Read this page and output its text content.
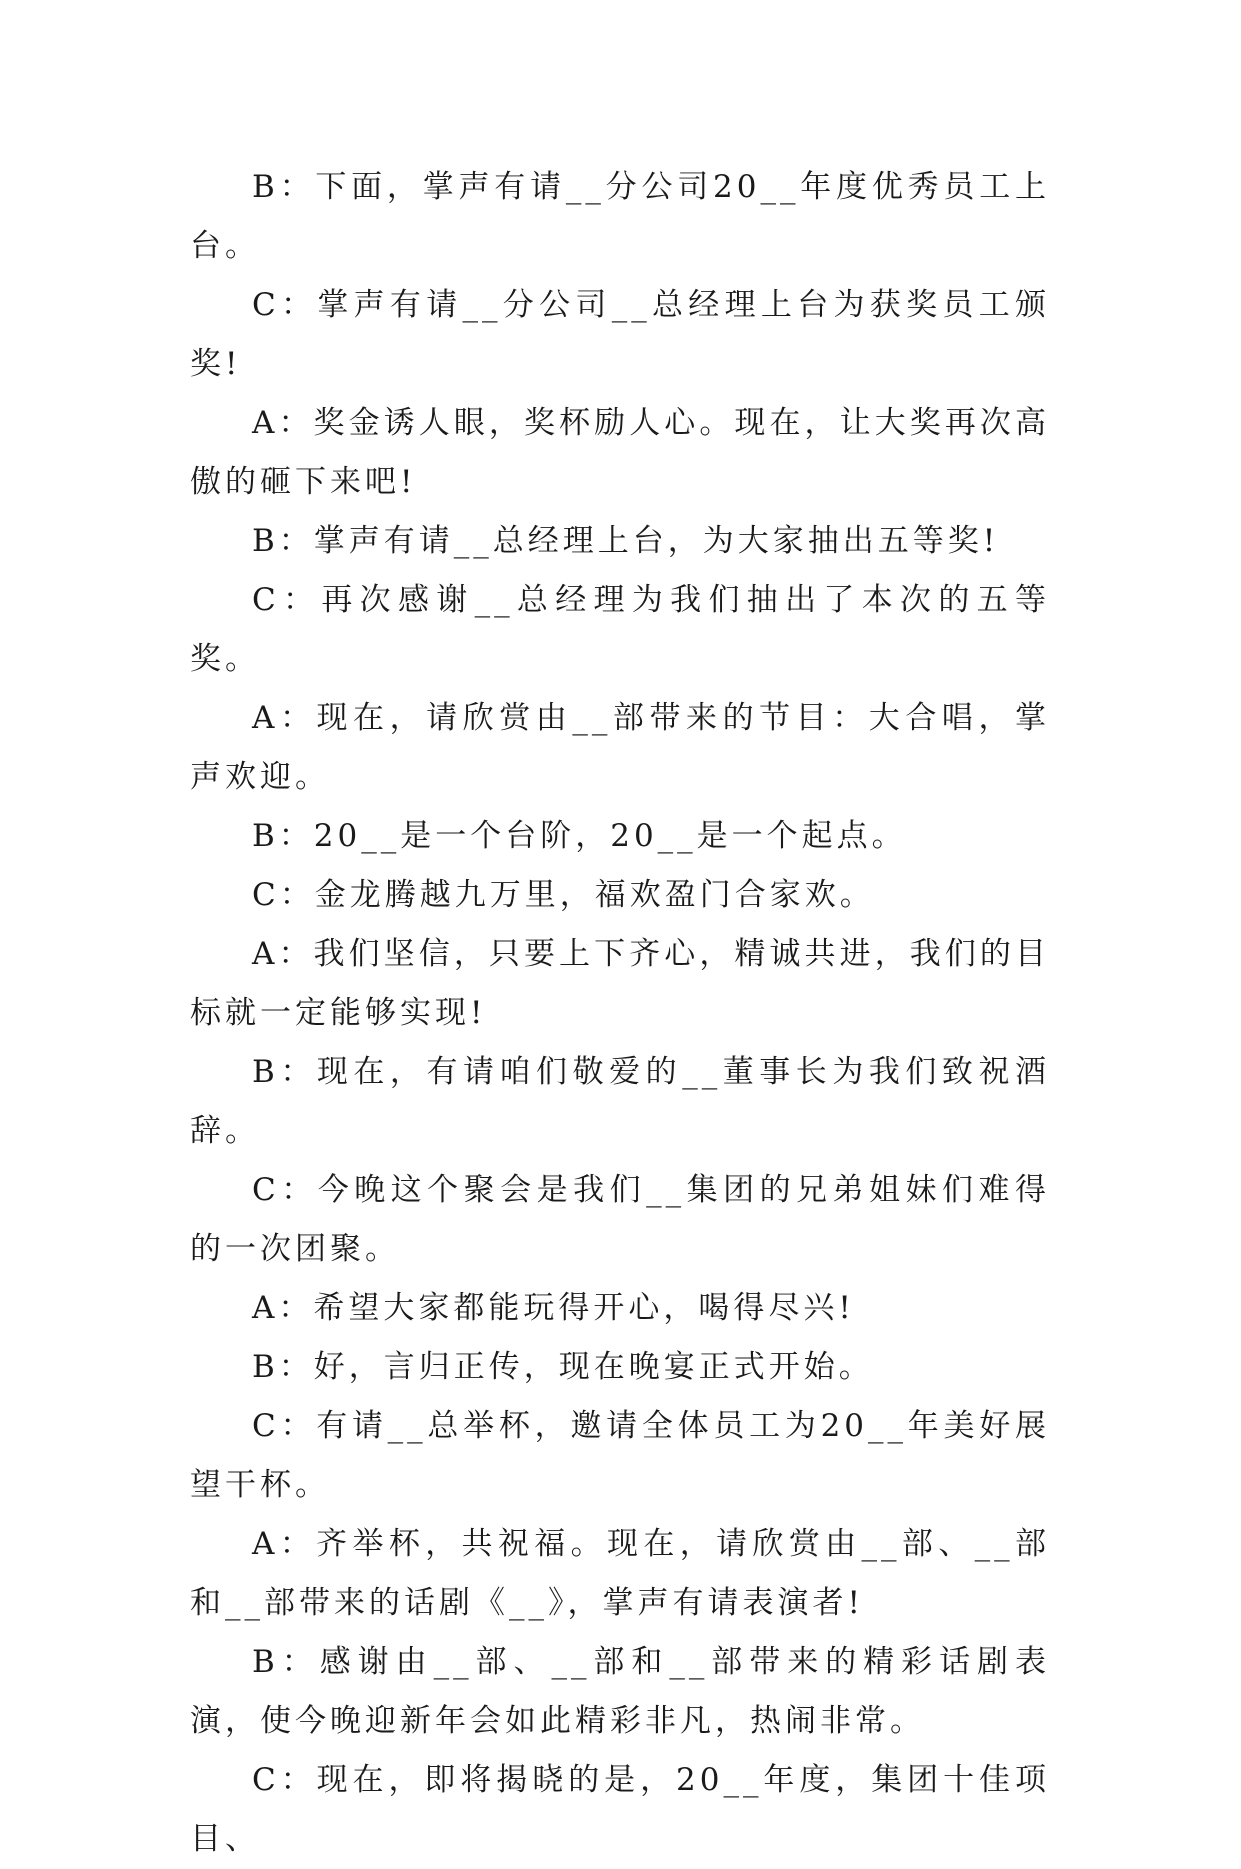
B：下面，掌声有请__分公司20__年度优秀员工上台。

C：掌声有请__分公司__总经理上台为获奖员工颁奖!

A：奖金诱人眼，奖杯励人心。现在，让大奖再次高傲的砸下来吧!

B：掌声有请__总经理上台，为大家抽出五等奖!

C：再次感谢__总经理为我们抽出了本次的五等奖。

A：现在，请欣赏由__部带来的节目：大合唱，掌声欢迎。

B：20__是一个台阶，20__是一个起点。

C：金龙腾越九万里，福欢盈门合家欢。

A：我们坚信，只要上下齐心，精诚共进，我们的目标就一定能够实现!

B：现在，有请咱们敬爱的__董事长为我们致祝酒辞。

C：今晚这个聚会是我们__集团的兄弟姐妹们难得的一次团聚。

A：希望大家都能玩得开心，喝得尽兴!

B：好，言归正传，现在晚宴正式开始。

C：有请__总举杯，邀请全体员工为20__年美好展望干杯。

A：齐举杯，共祝福。现在，请欣赏由__部、__部和__部带来的话剧《__》，掌声有请表演者!

B：感谢由__部、__部和__部带来的精彩话剧表演，使今晚迎新年会如此精彩非凡，热闹非常。

C：现在，即将揭晓的是，20__年度，集团十佳项目、
